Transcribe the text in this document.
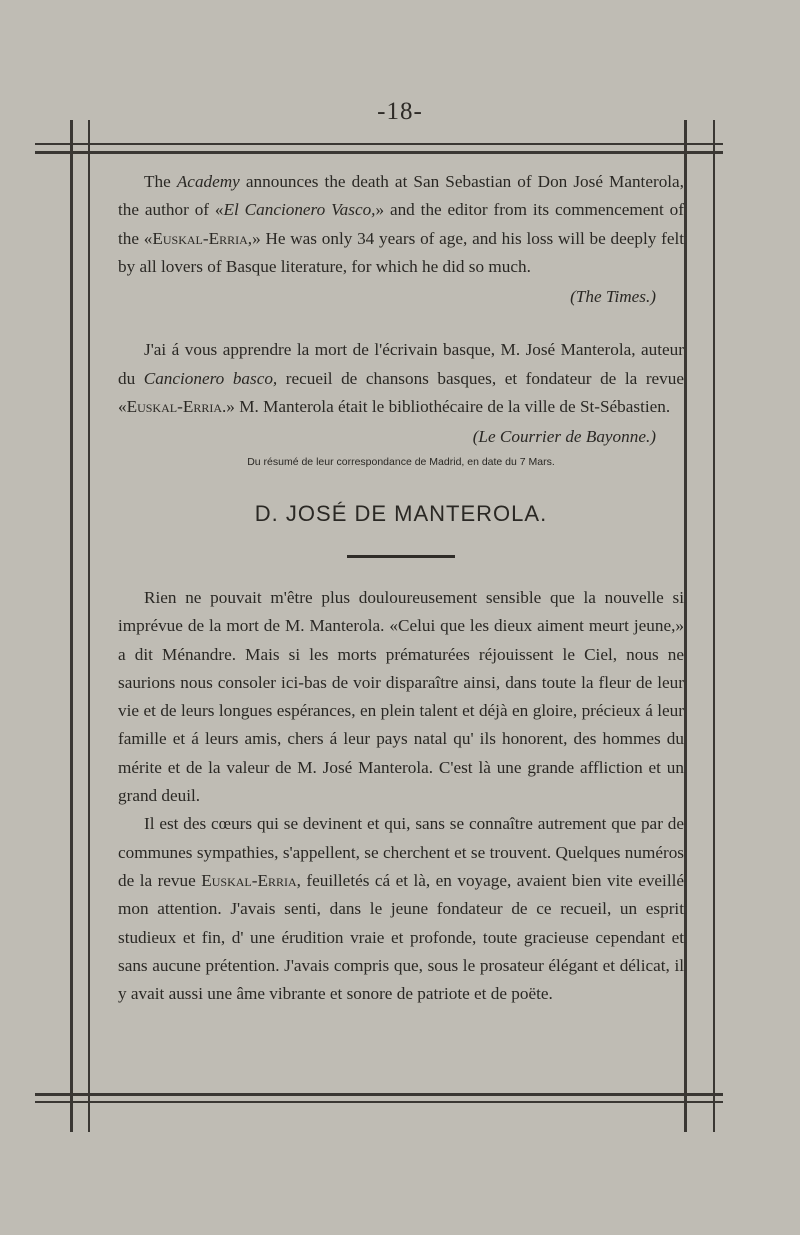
-18-

The Academy announces the death at San Sebastian of Don José Manterola, the author of «El Cancionero Vasco,» and the editor from its commencement of the «Euskal-Erria,» He was only 34 years of age, and his loss will be deeply felt by all lovers of Basque literature, for which he did so much.

(The Times.)

J'ai á vous apprendre la mort de l'écrivain basque, M. José Manterola, auteur du Cancionero basco, recueil de chansons basques, et fondateur de la revue «Euskal-Erria.» M. Manterola était le bibliothécaire de la ville de St-Sébastien.

(Le Courrier de Bayonne.)

Du résumé de leur correspondance de Madrid, en date du 7 Mars.

D. JOSÉ DE MANTEROLA.

Rien ne pouvait m'être plus douloureusement sensible que la nouvelle si imprévue de la mort de M. Manterola. «Celui que les dieux aiment meurt jeune,» a dit Ménandre. Mais si les morts prématurées réjouissent le Ciel, nous ne saurions nous consoler ici-bas de voir disparaître ainsi, dans toute la fleur de leur vie et de leurs longues espérances, en plein talent et déjà en gloire, précieux á leur famille et á leurs amis, chers á leur pays natal qu' ils honorent, des hommes du mérite et de la valeur de M. José Manterola. C'est là une grande affliction et un grand deuil.

Il est des cœurs qui se devinent et qui, sans se connaître autrement que par de communes sympathies, s'appellent, se cherchent et se trouvent. Quelques numéros de la revue Euskal-Erria, feuilletés cá et là, en voyage, avaient bien vite eveillé mon attention. J'avais senti, dans le jeune fondateur de ce recueil, un esprit studieux et fin, d' une érudition vraie et profonde, toute gracieuse cependant et sans aucune prétention. J'avais compris que, sous le prosateur élégant et délicat, il y avait aussi une âme vibrante et sonore de patriote et de poëte.
